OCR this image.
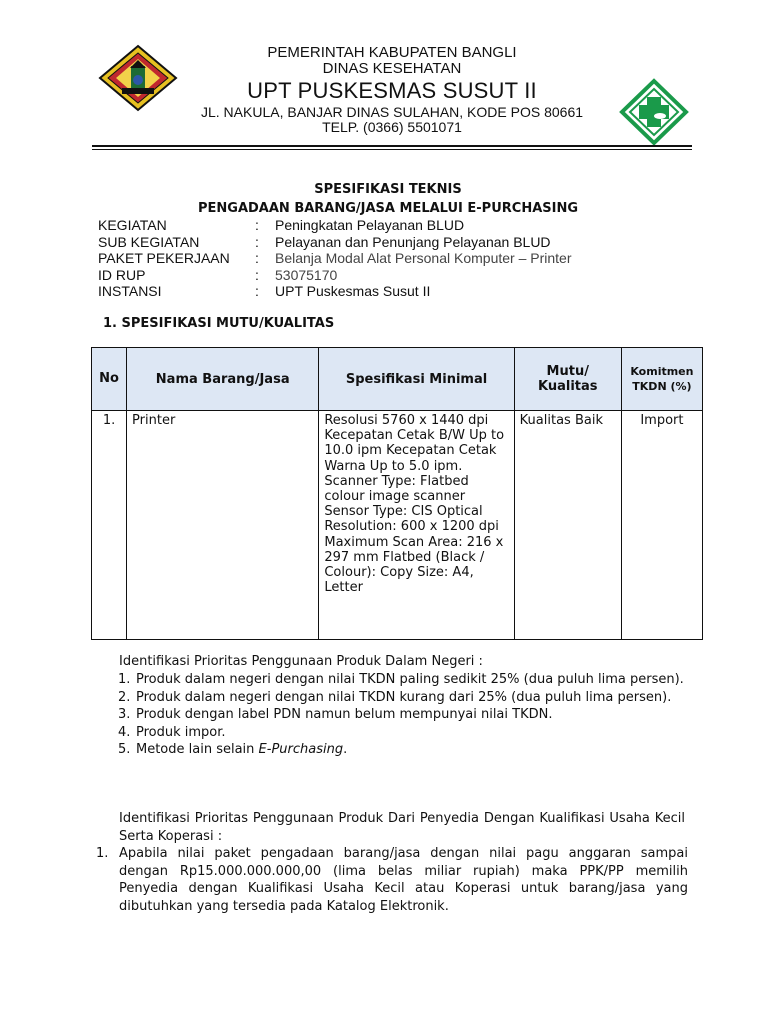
PEMERINTAH KABUPATEN BANGLI
DINAS KESEHATAN
UPT PUSKESMAS SUSUT II
JL. NAKULA, BANJAR DINAS SULAHAN, KODE POS 80661
TELP. (0366) 5501071
SPESIFIKASI TEKNIS
PENGADAAN BARANG/JASA MELALUI E-PURCHASING
KEGIATAN	: Peningkatan Pelayanan BLUD
SUB KEGIATAN	: Pelayanan dan Penunjang Pelayanan BLUD
PAKET PEKERJAAN	: Belanja Modal Alat Personal Komputer – Printer
ID RUP	: 53075170
INSTANSI	: UPT Puskesmas Susut II
1. SPESIFIKASI MUTU/KUALITAS
No	Nama Barang/Jasa	Spesifikasi Minimal	Mutu/ Kualitas	Komitmen TKDN (%)
1.	Printer	Resolusi 5760 x 1440 dpi Kecepatan Cetak B/W Up to 10.0 ipm Kecepatan Cetak Warna Up to 5.0 ipm. Scanner Type: Flatbed colour image scanner Sensor Type: CIS Optical Resolution: 600 x 1200 dpi Maximum Scan Area: 216 x 297 mm Flatbed (Black / Colour): Copy Size: A4, Letter	Kualitas Baik	Import
Identifikasi Prioritas Penggunaan Produk Dalam Negeri :
1. Produk dalam negeri dengan nilai TKDN paling sedikit 25% (dua puluh lima persen).
2. Produk dalam negeri dengan nilai TKDN kurang dari 25% (dua puluh lima persen).
3. Produk dengan label PDN namun belum mempunyai nilai TKDN.
4. Produk impor.
5. Metode lain selain E-Purchasing.
Identifikasi Prioritas Penggunaan Produk Dari Penyedia Dengan Kualifikasi Usaha Kecil Serta Koperasi :
1. Apabila nilai paket pengadaan barang/jasa dengan nilai pagu anggaran sampai dengan Rp15.000.000.000,00 (lima belas miliar rupiah) maka PPK/PP memilih Penyedia dengan Kualifikasi Usaha Kecil atau Koperasi untuk barang/jasa yang dibutuhkan yang tersedia pada Katalog Elektronik.
